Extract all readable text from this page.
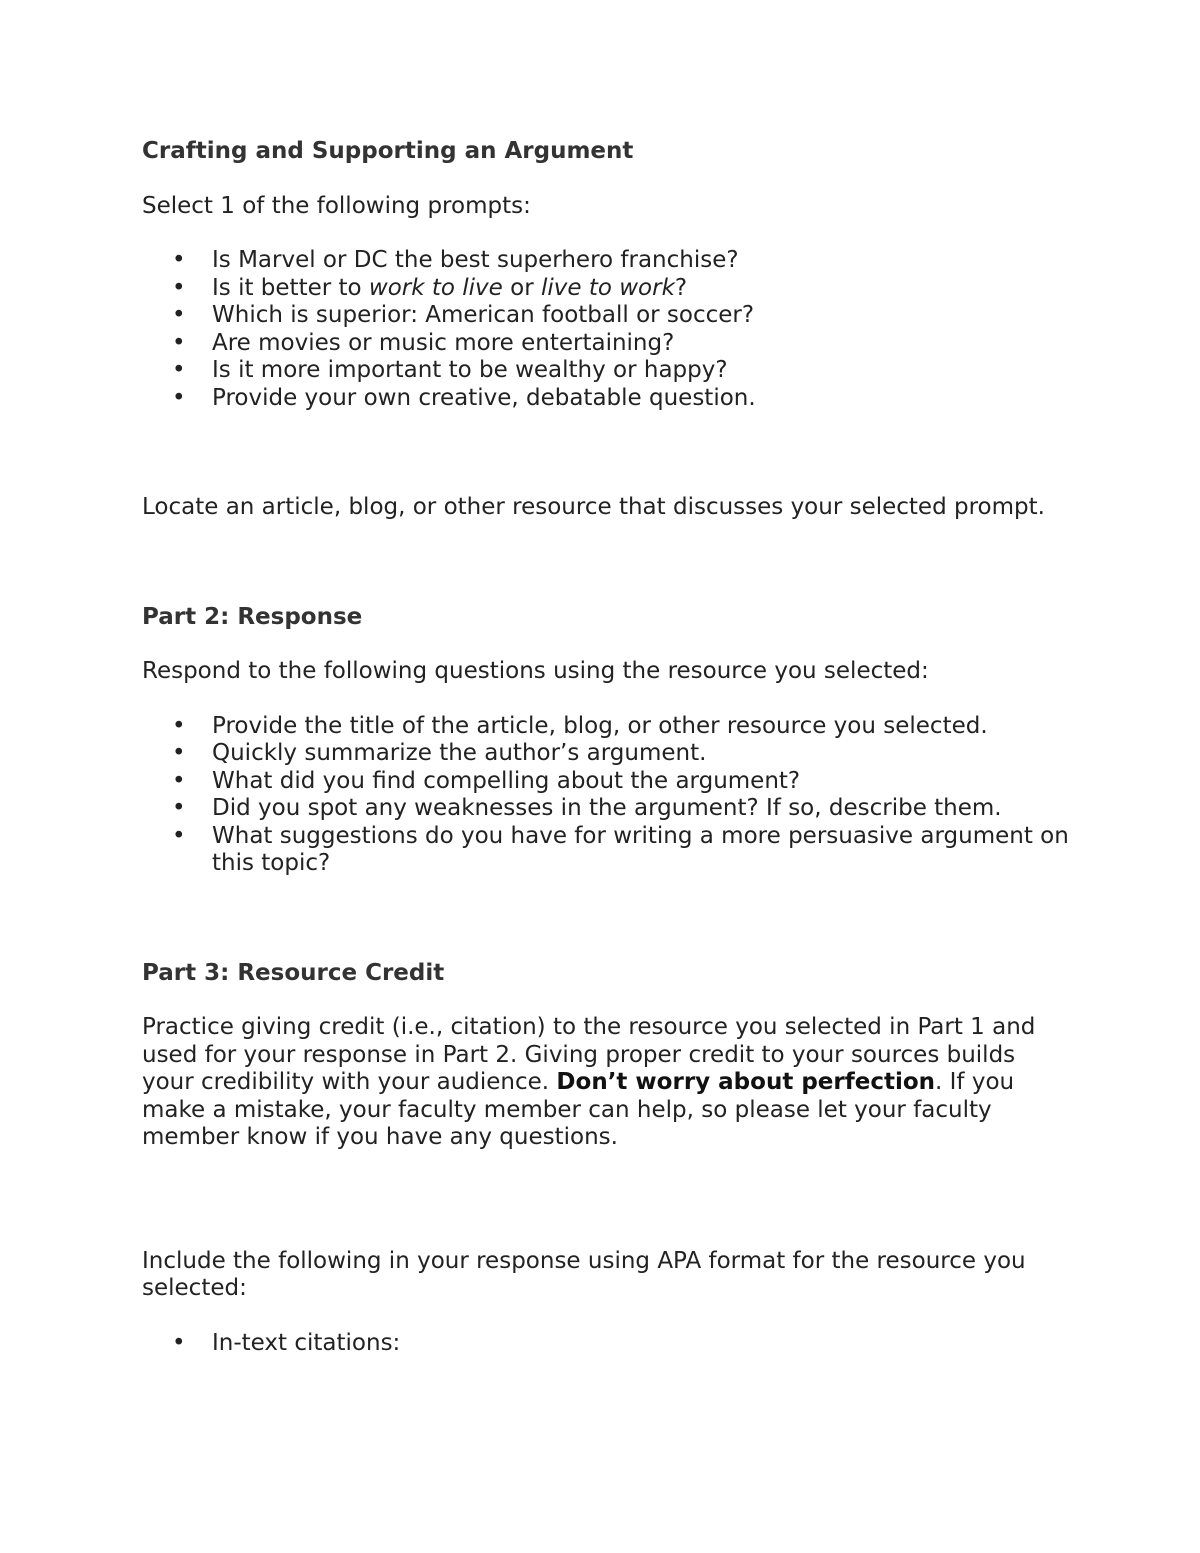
Crafting and Supporting an Argument

Select 1 of the following prompts:

• Is Marvel or DC the best superhero franchise?
• Is it better to work to live or live to work?
• Which is superior: American football or soccer?
• Are movies or music more entertaining?
• Is it more important to be wealthy or happy?
• Provide your own creative, debatable question.

Locate an article, blog, or other resource that discusses your selected prompt.

Part 2: Response

Respond to the following questions using the resource you selected:

• Provide the title of the article, blog, or other resource you selected.
• Quickly summarize the author’s argument.
• What did you find compelling about the argument?
• Did you spot any weaknesses in the argument? If so, describe them.
• What suggestions do you have for writing a more persuasive argument on this topic?

Part 3: Resource Credit

Practice giving credit (i.e., citation) to the resource you selected in Part 1 and used for your response in Part 2. Giving proper credit to your sources builds your credibility with your audience. Don’t worry about perfection. If you make a mistake, your faculty member can help, so please let your faculty member know if you have any questions.

Include the following in your response using APA format for the resource you selected:

• In-text citations:
